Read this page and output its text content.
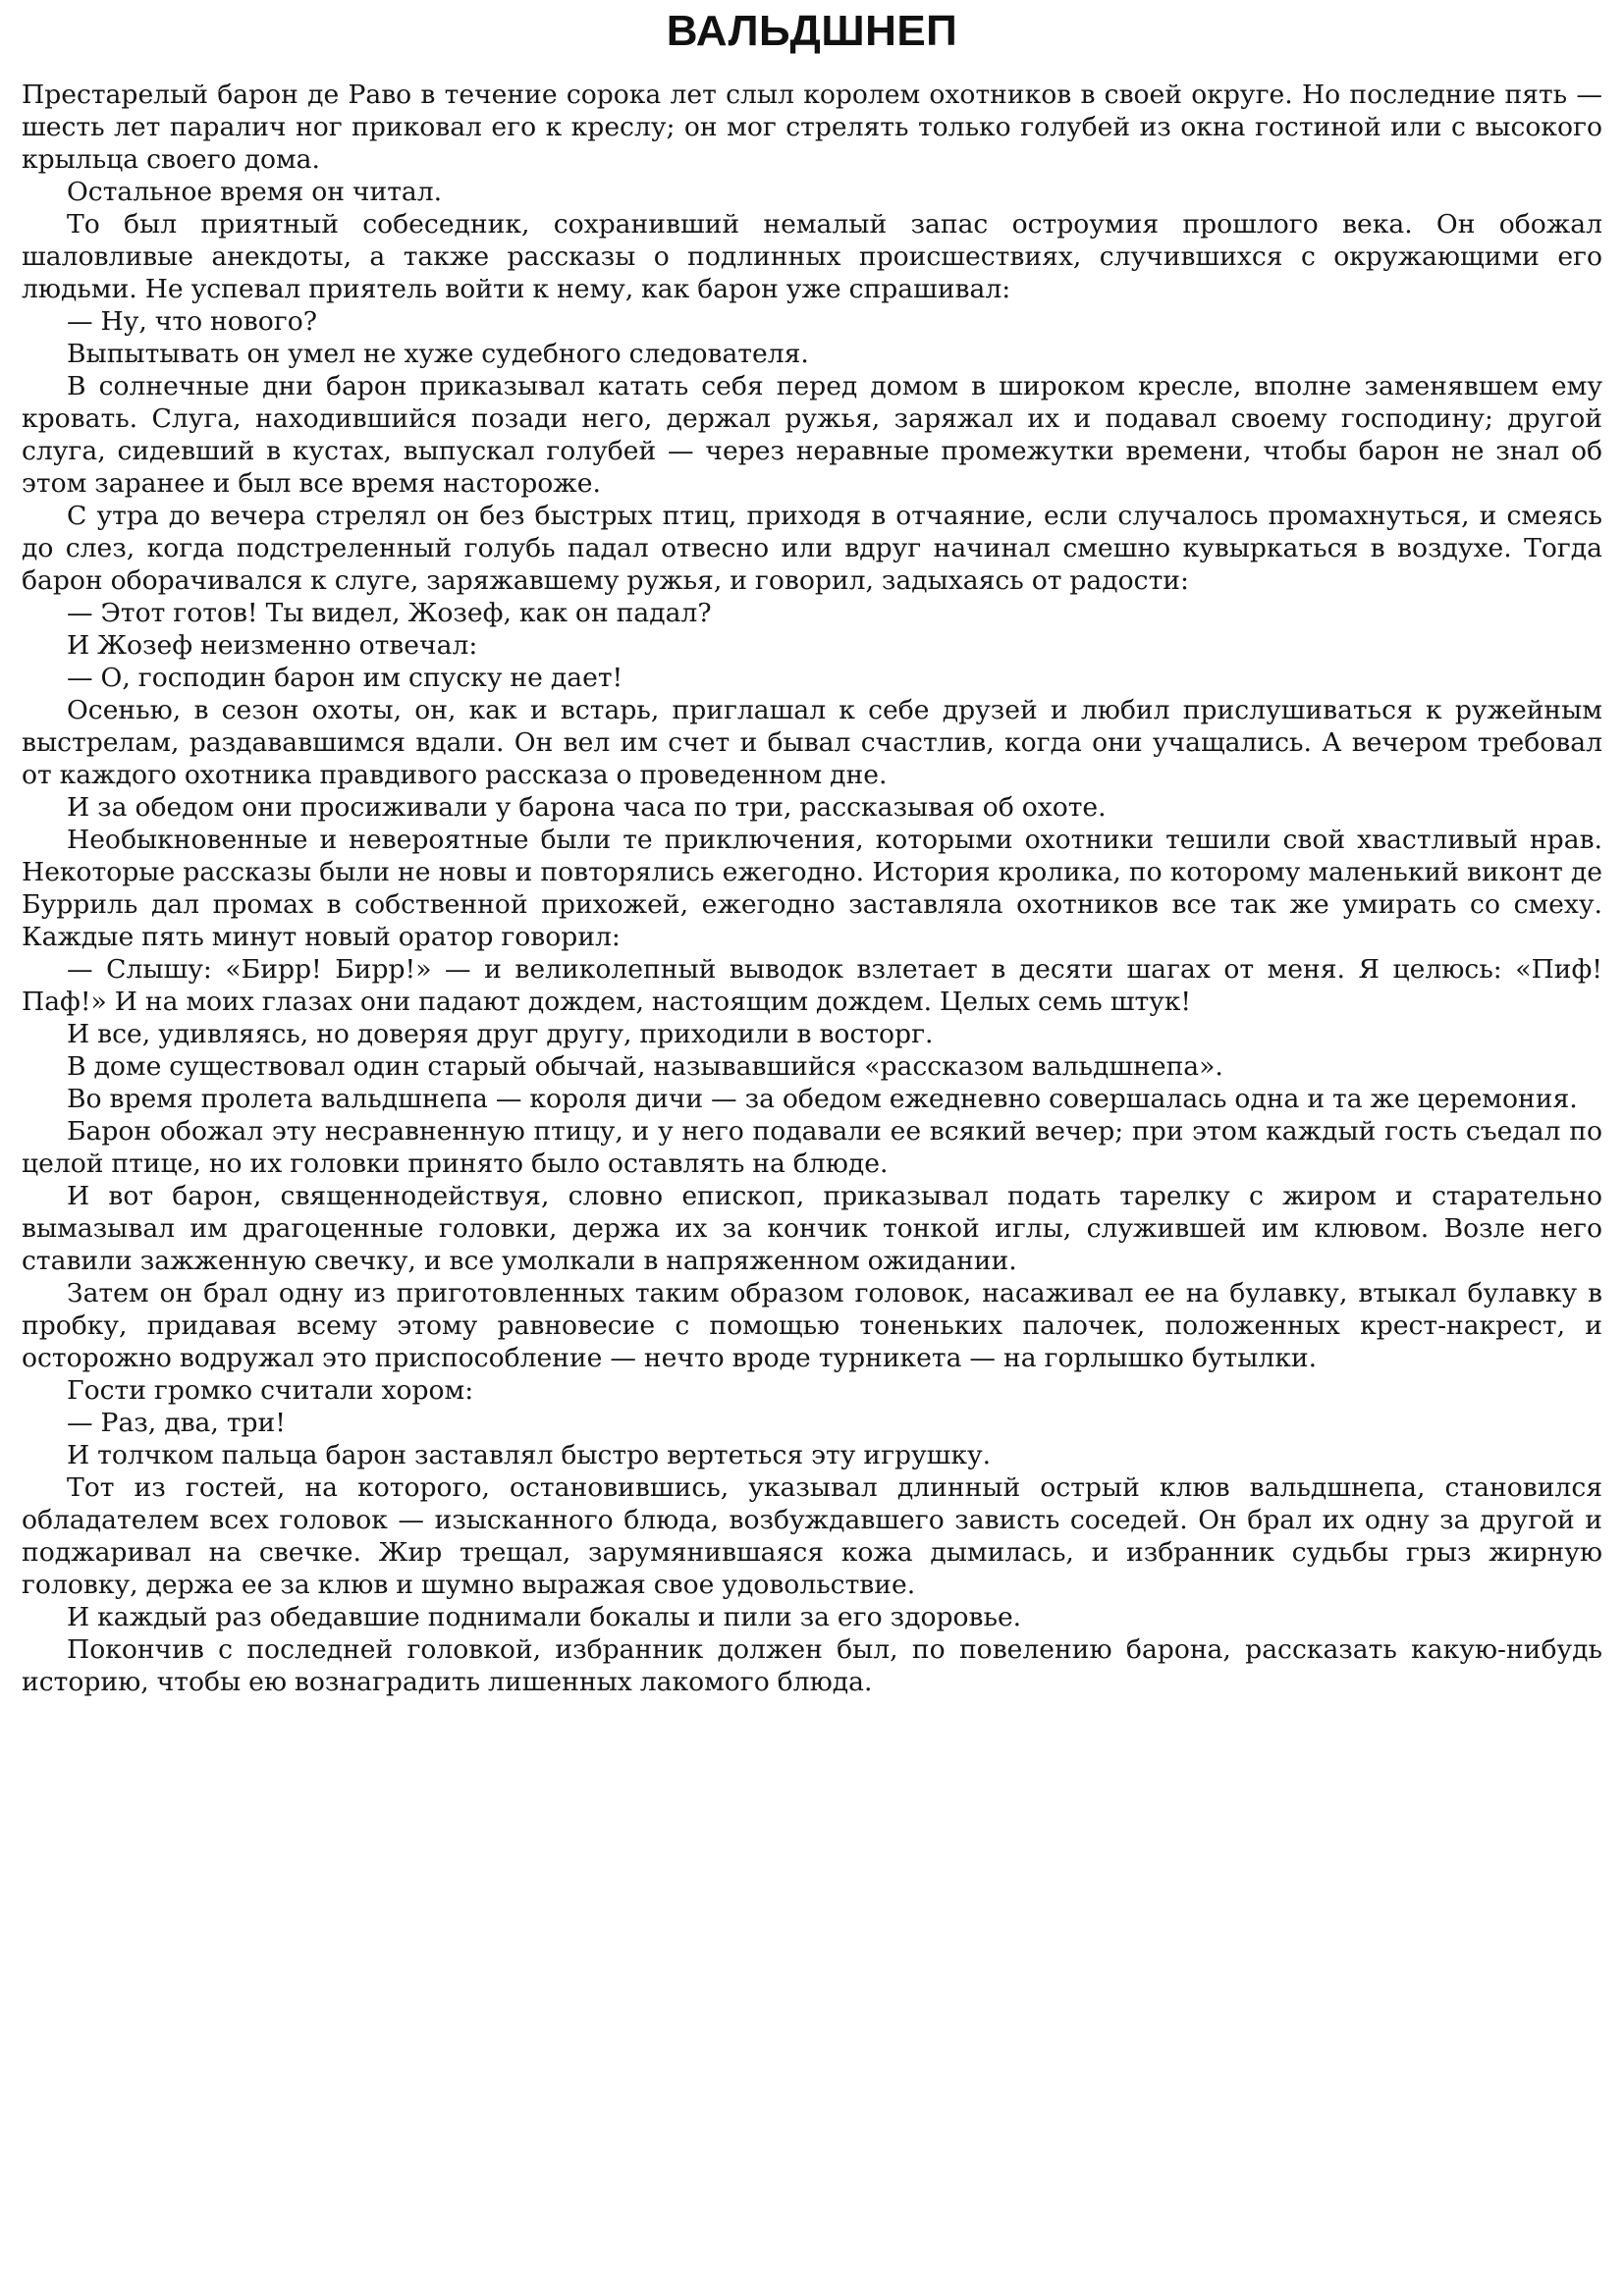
ВАЛЬДШНЕП

Престарелый барон де Раво в течение сорока лет слыл королем охотников в своей округе. Но последние пять — шесть лет паралич ног приковал его к креслу; он мог стрелять только голубей из окна гостиной или с высокого крыльца своего дома.

Остальное время он читал.

То был приятный собеседник, сохранивший немалый запас остроумия прошлого века. Он обожал шаловливые анекдоты, а также рассказы о подлинных происшествиях, случившихся с окружающими его людьми. Не успевал приятель войти к нему, как барон уже спрашивал:

— Ну, что нового?

Выпытывать он умел не хуже судебного следователя.

В солнечные дни барон приказывал катать себя перед домом в широком кресле, вполне заменявшем ему кровать. Слуга, находившийся позади него, держал ружья, заряжал их и подавал своему господину; другой слуга, сидевший в кустах, выпускал голубей — через неравные промежутки времени, чтобы барон не знал об этом заранее и был все время настороже.

С утра до вечера стрелял он без быстрых птиц, приходя в отчаяние, если случалось промахнуться, и смеясь до слез, когда подстреленный голубь падал отвесно или вдруг начинал смешно кувыркаться в воздухе. Тогда барон оборачивался к слуге, заряжавшему ружья, и говорил, задыхаясь от радости:

— Этот готов! Ты видел, Жозеф, как он падал?

И Жозеф неизменно отвечал:

— О, господин барон им спуску не дает!

Осенью, в сезон охоты, он, как и встарь, приглашал к себе друзей и любил прислушиваться к ружейным выстрелам, раздававшимся вдали. Он вел им счет и бывал счастлив, когда они учащались. А вечером требовал от каждого охотника правдивого рассказа о проведенном дне.

И за обедом они просиживали у барона часа по три, рассказывая об охоте.

Необыкновенные и невероятные были те приключения, которыми охотники тешили свой хвастливый нрав. Некоторые рассказы были не новы и повторялись ежегодно. История кролика, по которому маленький виконт де Бурриль дал промах в собственной прихожей, ежегодно заставляла охотников все так же умирать со смеху. Каждые пять минут новый оратор говорил:

— Слышу: «Бирр! Бирр!» — и великолепный выводок взлетает в десяти шагах от меня. Я целюсь: «Пиф! Паф!» И на моих глазах они падают дождем, настоящим дождем. Целых семь штук!

И все, удивляясь, но доверяя друг другу, приходили в восторг.

В доме существовал один старый обычай, называвшийся «рассказом вальдшнепа».

Во время пролета вальдшнепа — короля дичи — за обедом ежедневно совершалась одна и та же церемония.

Барон обожал эту несравненную птицу, и у него подавали ее всякий вечер; при этом каждый гость съедал по целой птице, но их головки принято было оставлять на блюде.

И вот барон, священнодействуя, словно епископ, приказывал подать тарелку с жиром и старательно вымазывал им драгоценные головки, держа их за кончик тонкой иглы, служившей им клювом. Возле него ставили зажженную свечку, и все умолкали в напряженном ожидании.

Затем он брал одну из приготовленных таким образом головок, насаживал ее на булавку, втыкал булавку в пробку, придавая всему этому равновесие с помощью тоненьких палочек, положенных крест-накрест, и осторожно водружал это приспособление — нечто вроде турникета — на горлышко бутылки.

Гости громко считали хором:

— Раз, два, три!

И толчком пальца барон заставлял быстро вертеться эту игрушку.

Тот из гостей, на которого, остановившись, указывал длинный острый клюв вальдшнепа, становился обладателем всех головок — изысканного блюда, возбуждавшего зависть соседей. Он брал их одну за другой и поджаривал на свечке. Жир трещал, зарумянившаяся кожа дымилась, и избранник судьбы грыз жирную головку, держа ее за клюв и шумно выражая свое удовольствие.

И каждый раз обедавшие поднимали бокалы и пили за его здоровье.

Покончив с последней головкой, избранник должен был, по повелению барона, рассказать какую-нибудь историю, чтобы ею вознаградить лишенных лакомого блюда.
